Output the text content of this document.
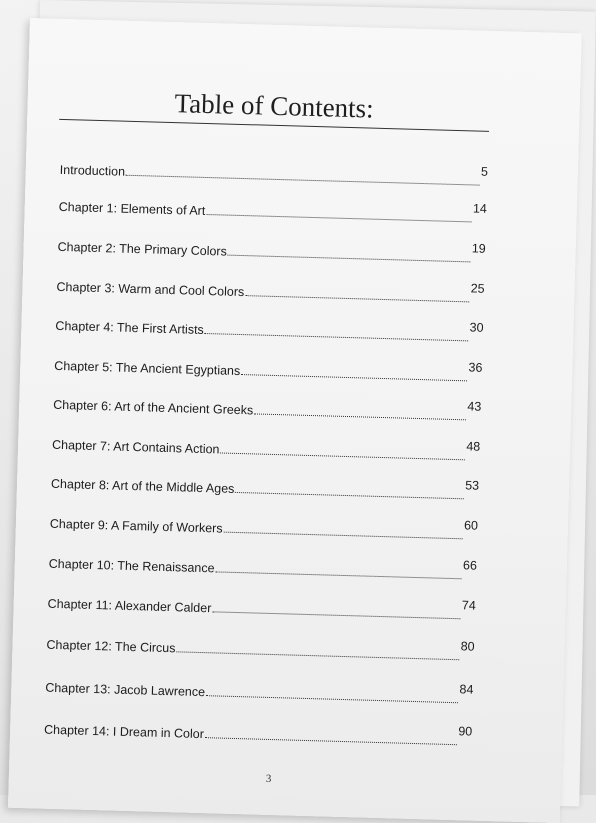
Table of Contents:
Introduction	5
Chapter 1: Elements of Art	14
Chapter 2: The Primary Colors	19
Chapter 3: Warm and Cool Colors	25
Chapter 4: The First Artists	30
Chapter 5: The Ancient Egyptians	36
Chapter 6: Art of the Ancient Greeks	43
Chapter 7: Art Contains Action	48
Chapter 8: Art of the Middle Ages	53
Chapter 9: A Family of Workers	60
Chapter 10: The Renaissance	66
Chapter 11: Alexander Calder	74
Chapter 12: The Circus	80
Chapter 13: Jacob Lawrence	84
Chapter 14: I Dream in Color	90
3
